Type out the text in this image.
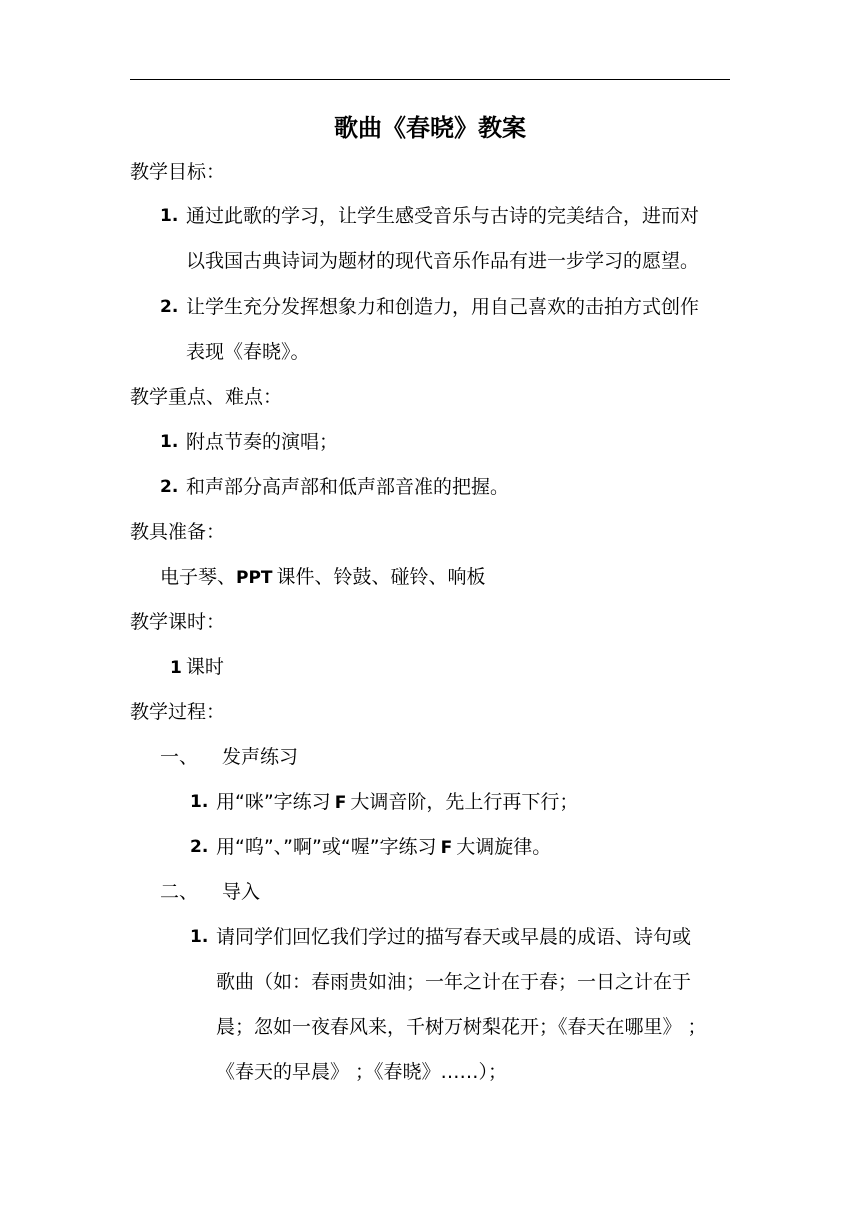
歌曲《春晓》教案
教学目标：
1. 通过此歌的学习，让学生感受音乐与古诗的完美结合，进而对
以我国古典诗词为题材的现代音乐作品有进一步学习的愿望。
2. 让学生充分发挥想象力和创造力，用自己喜欢的击拍方式创作
表现《春晓》。
教学重点、难点：
1. 附点节奏的演唱；
2. 和声部分高声部和低声部音准的把握。
教具准备：
电子琴、PPT 课件、铃鼓、碰铃、响板
教学课时：
1 课时
教学过程：
一、 发声练习
1. 用“咪”字练习 F 大调音阶，先上行再下行；
2. 用“呜”、”啊”或“喔”字练习 F 大调旋律。
二、 导入
1. 请同学们回忆我们学过的描写春天或早晨的成语、诗句或
歌曲（如：春雨贵如油；一年之计在于春；一日之计在于
晨；忽如一夜春风来，千树万树梨花开；《春天在哪里》 ；
《春天的早晨》 ；《春晓》……）；
